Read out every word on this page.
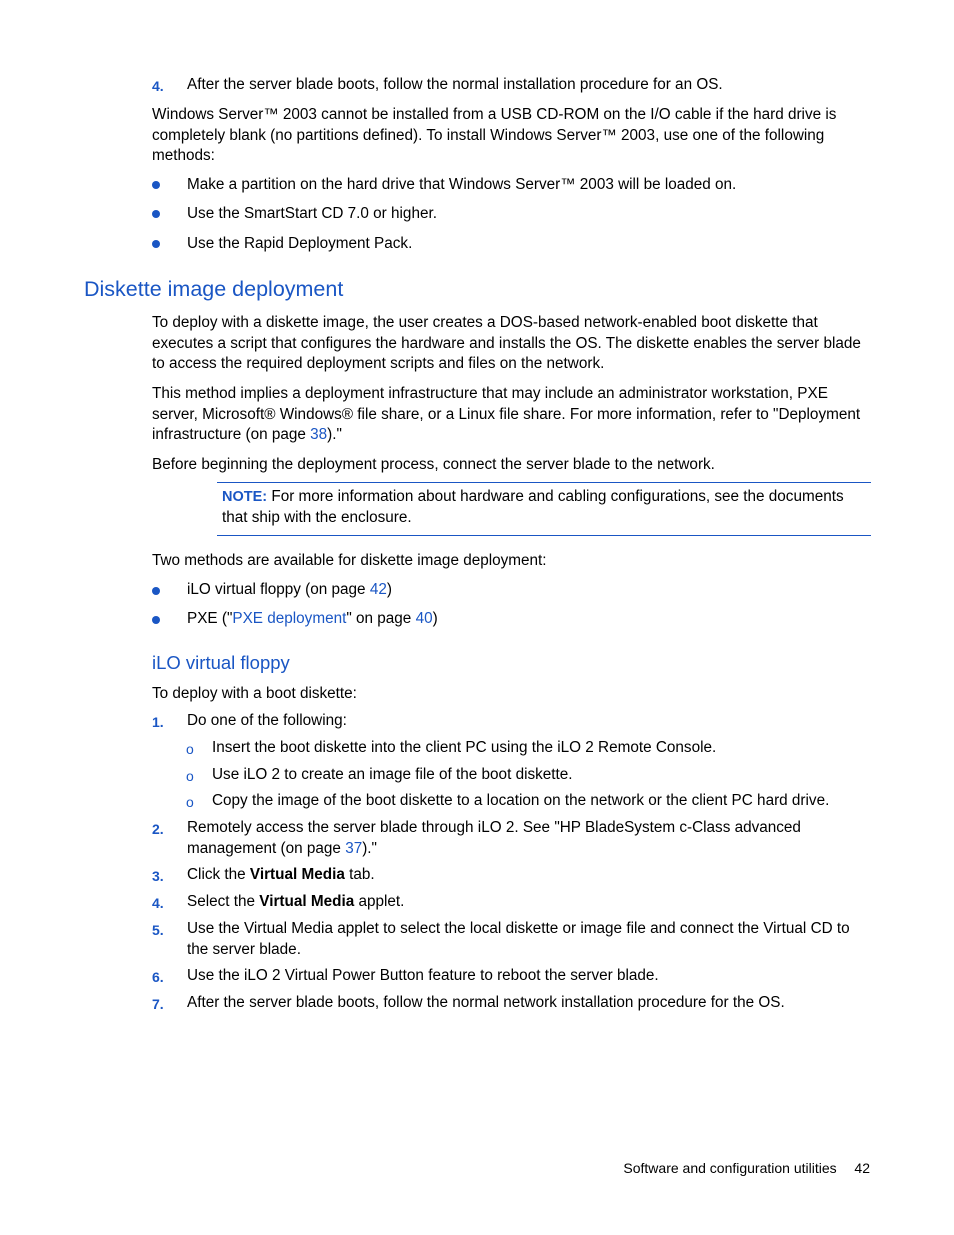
4. After the server blade boots, follow the normal installation procedure for an OS.

Windows Server™ 2003 cannot be installed from a USB CD-ROM on the I/O cable if the hard drive is completely blank (no partitions defined). To install Windows Server™ 2003, use one of the following methods:

Make a partition on the hard drive that Windows Server™ 2003 will be loaded on.

Use the SmartStart CD 7.0 or higher.

Use the Rapid Deployment Pack.

Diskette image deployment

To deploy with a diskette image, the user creates a DOS-based network-enabled boot diskette that executes a script that configures the hardware and installs the OS. The diskette enables the server blade to access the required deployment scripts and files on the network.

This method implies a deployment infrastructure that may include an administrator workstation, PXE server, Microsoft® Windows® file share, or a Linux file share. For more information, refer to "Deployment infrastructure (on page 38)."

Before beginning the deployment process, connect the server blade to the network.

NOTE: For more information about hardware and cabling configurations, see the documents that ship with the enclosure.

Two methods are available for diskette image deployment:

iLO virtual floppy (on page 42)

PXE ("PXE deployment" on page 40)

iLO virtual floppy

To deploy with a boot diskette:

1. Do one of the following:

o Insert the boot diskette into the client PC using the iLO 2 Remote Console.

o Use iLO 2 to create an image file of the boot diskette.

o Copy the image of the boot diskette to a location on the network or the client PC hard drive.

2. Remotely access the server blade through iLO 2. See "HP BladeSystem c-Class advanced management (on page 37)."

3. Click the Virtual Media tab.

4. Select the Virtual Media applet.

5. Use the Virtual Media applet to select the local diskette or image file and connect the Virtual CD to the server blade.

6. Use the iLO 2 Virtual Power Button feature to reboot the server blade.

7. After the server blade boots, follow the normal network installation procedure for the OS.

Software and configuration utilities 42
